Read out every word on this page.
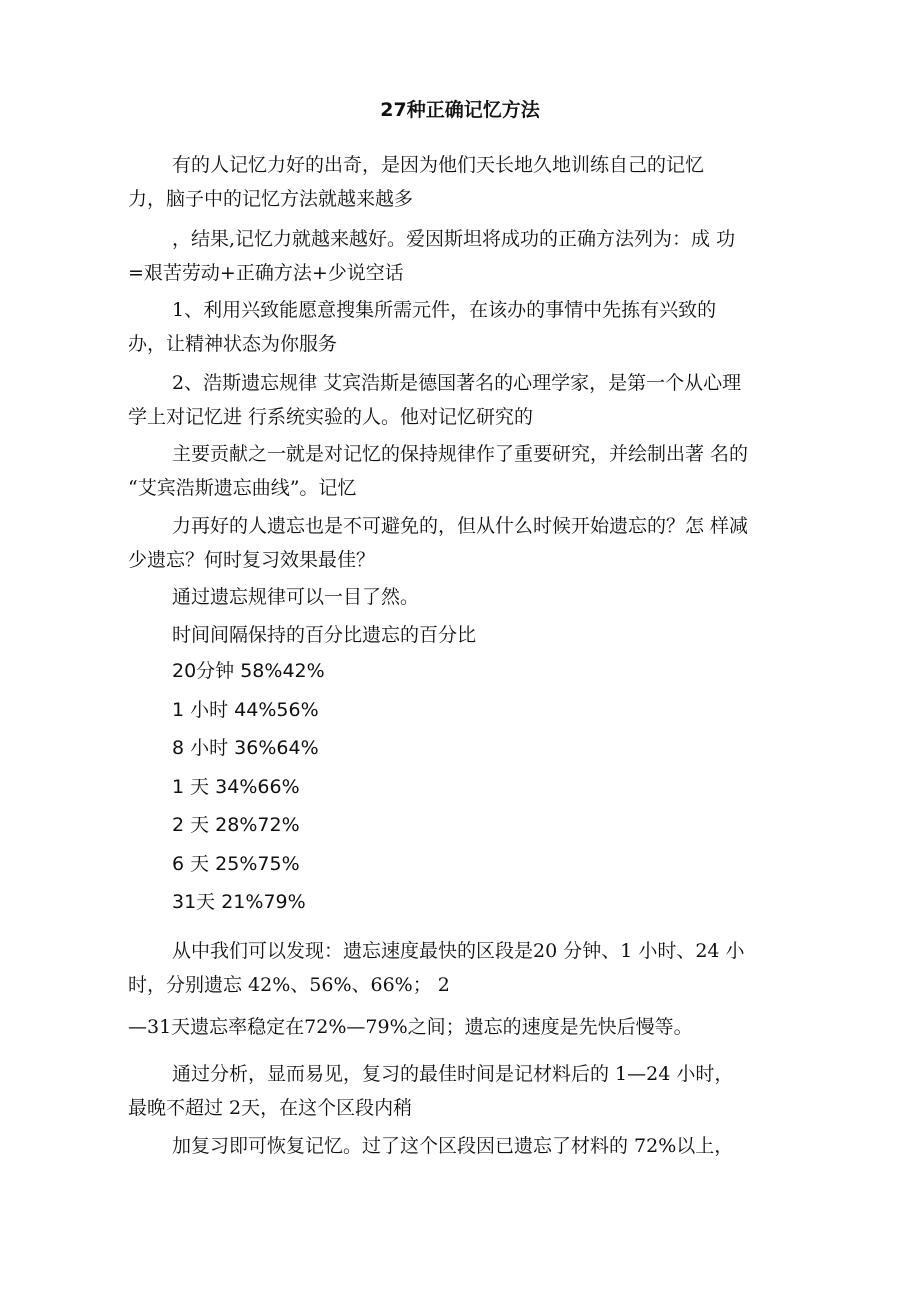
27种正确记忆方法
有的人记忆力好的出奇，是因为他们天长地久地训练自己的记忆
力，脑子中的记忆方法就越来越多
，结果,记忆力就越来越好。爱因斯坦将成功的正确方法列为：成 功
=艰苦劳动+正确方法+少说空话
1、利用兴致能愿意搜集所需元件，在该办的事情中先拣有兴致的
办，让精神状态为你服务
2、浩斯遗忘规律 艾宾浩斯是德国著名的心理学家，是第一个从心理
学上对记忆进 行系统实验的人。他对记忆研究的
主要贡献之一就是对记忆的保持规律作了重要研究，并绘制出著 名的
“艾宾浩斯遗忘曲线”。记忆
力再好的人遗忘也是不可避免的，但从什么时候开始遗忘的？怎 样减
少遗忘？何时复习效果最佳？
通过遗忘规律可以一目了然。
时间间隔保持的百分比遗忘的百分比
20分钟 58%42%
1 小时 44%56%
8 小时 36%64%
1 天 34%66%
2 天 28%72%
6 天 25%75%
31天 21%79%
从中我们可以发现：遗忘速度最快的区段是20 分钟、1 小时、24 小
时，分别遗忘 42%、56%、66%； 2
—31天遗忘率稳定在72%—79%之间；遗忘的速度是先快后慢等。
通过分析，显而易见，复习的最佳时间是记材料后的 1—24 小时，
最晚不超过 2天，在这个区段内稍
加复习即可恢复记忆。过了这个区段因已遗忘了材料的 72%以上，
